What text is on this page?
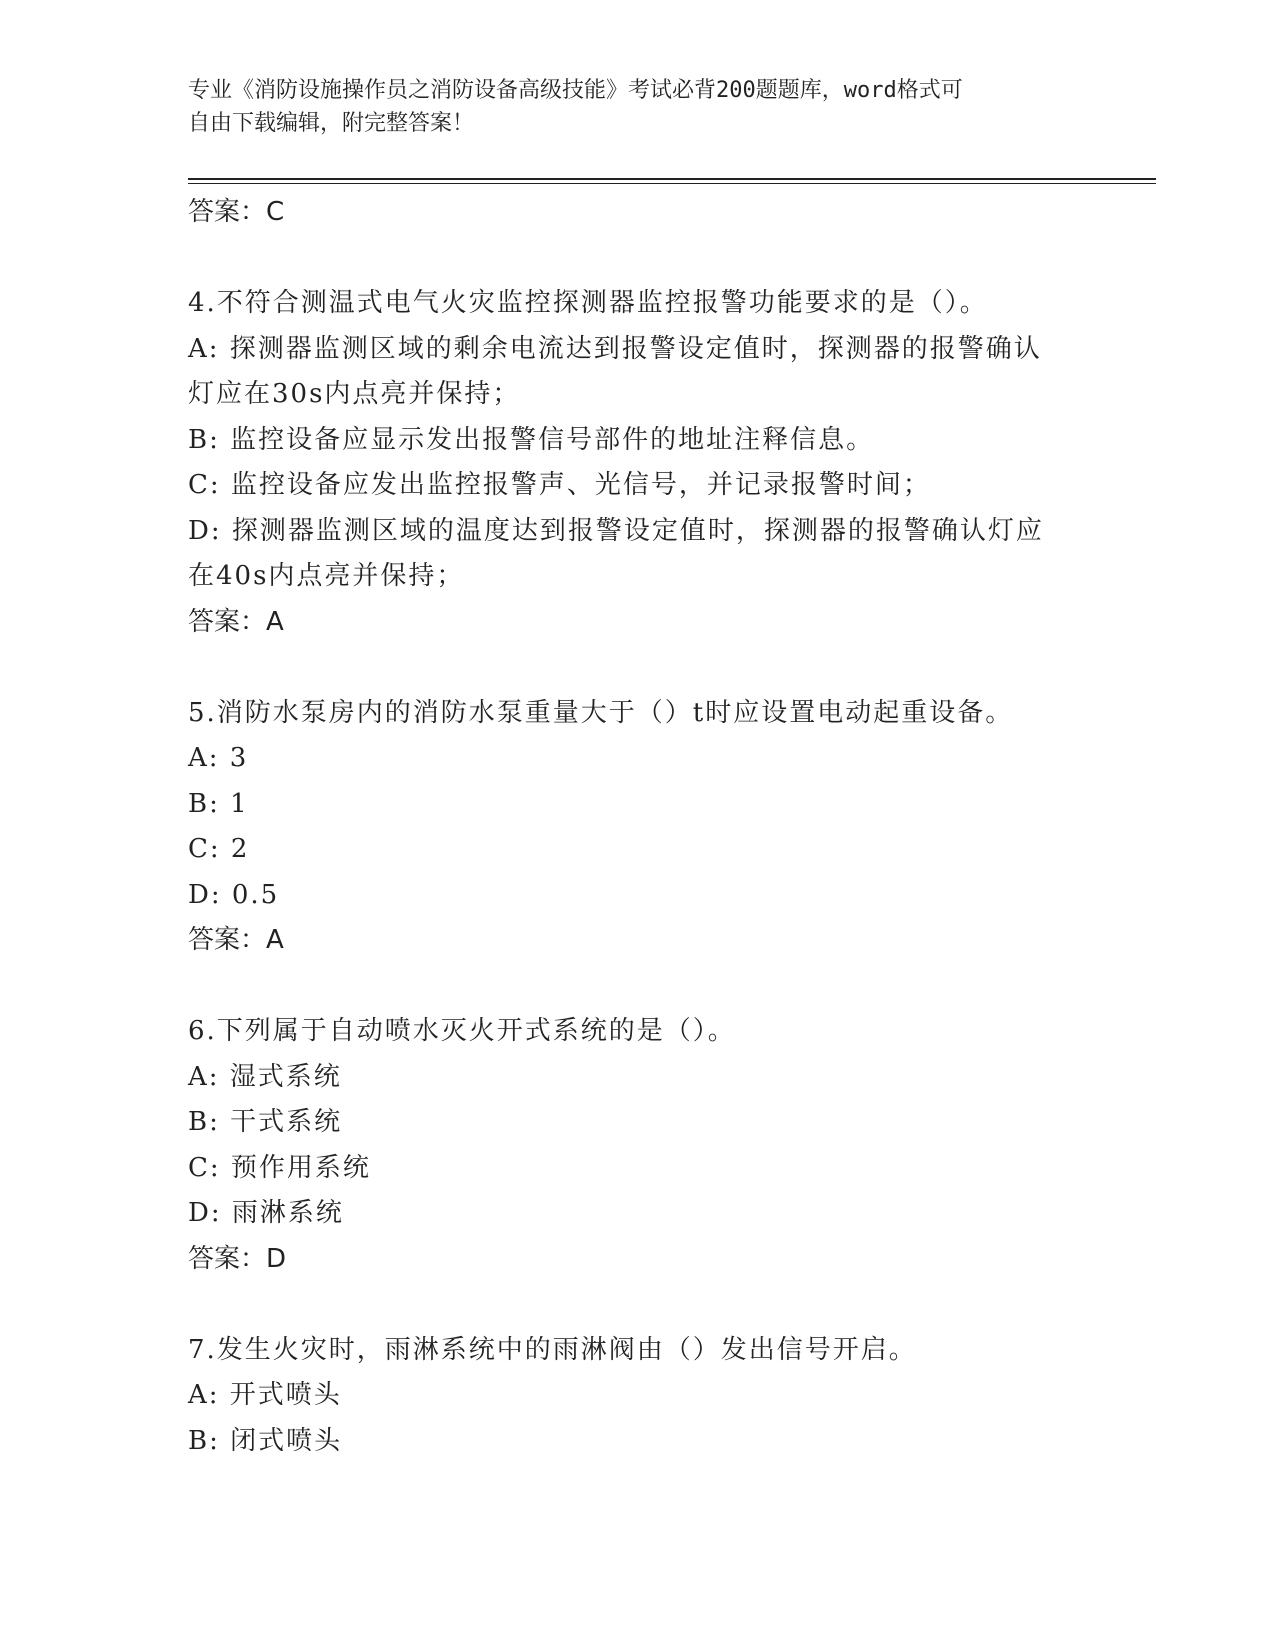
专业《消防设施操作员之消防设备高级技能》考试必背200题题库，word格式可
自由下载编辑，附完整答案！
答案：C
4.不符合测温式电气火灾监控探测器监控报警功能要求的是（）。
A: 探测器监测区域的剩余电流达到报警设定值时，探测器的报警确认
灯应在30s内点亮并保持；
B: 监控设备应显示发出报警信号部件的地址注释信息。
C: 监控设备应发出监控报警声、光信号，并记录报警时间；
D: 探测器监测区域的温度达到报警设定值时，探测器的报警确认灯应
在40s内点亮并保持；
答案：A
5.消防水泵房内的消防水泵重量大于（）t时应设置电动起重设备。
A: 3
B: 1
C: 2
D: 0.5
答案：A
6.下列属于自动喷水灭火开式系统的是（）。
A: 湿式系统
B: 干式系统
C: 预作用系统
D: 雨淋系统
答案：D
7.发生火灾时，雨淋系统中的雨淋阀由（）发出信号开启。
A: 开式喷头
B: 闭式喷头
